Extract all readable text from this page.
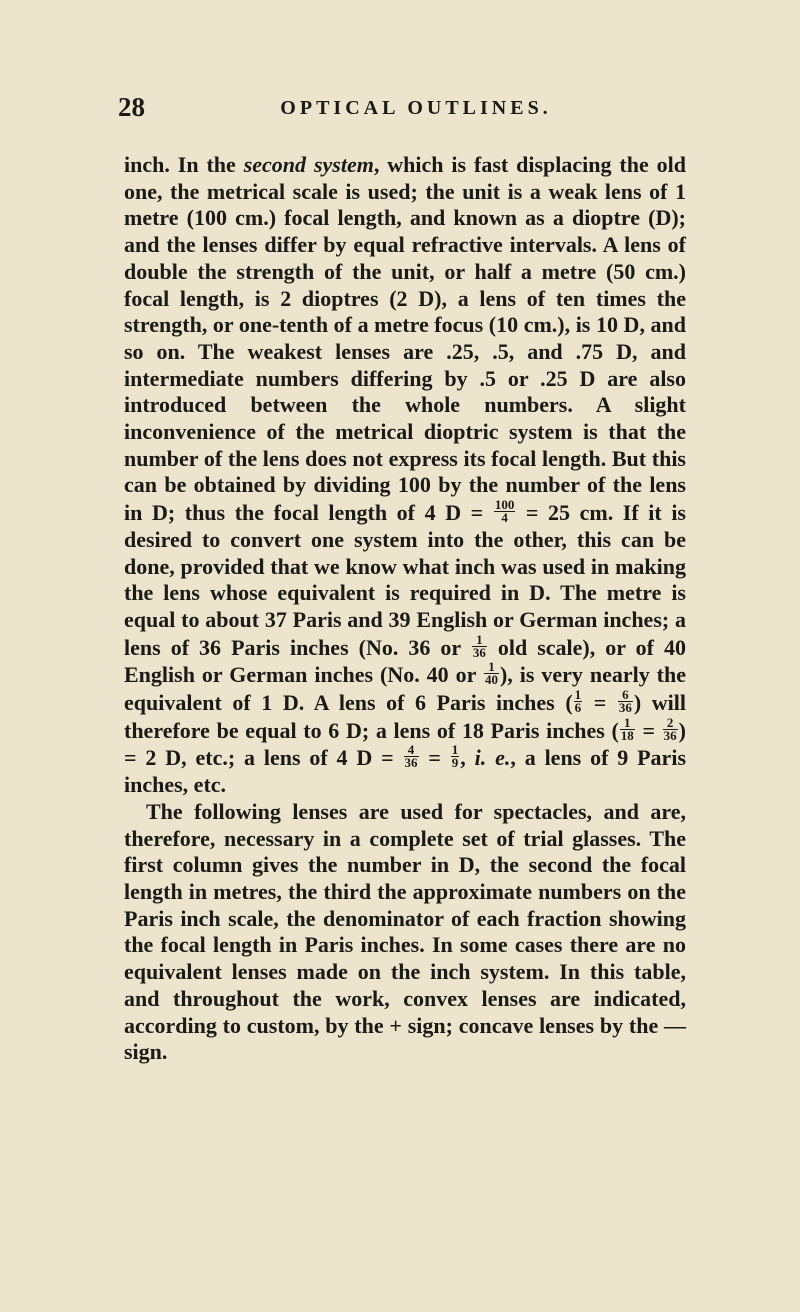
28	OPTICAL OUTLINES.

inch. In the second system, which is fast displacing the old one, the metrical scale is used; the unit is a weak lens of 1 metre (100 cm.) focal length, and known as a dioptre (D); and the lenses differ by equal refractive intervals. A lens of double the strength of the unit, or half a metre (50 cm.) focal length, is 2 dioptres (2 D), a lens of ten times the strength, or one-tenth of a metre focus (10 cm.), is 10 D, and so on. The weakest lenses are .25, .5, and .75 D, and intermediate numbers differing by .5 or .25 D are also introduced between the whole numbers. A slight inconvenience of the metrical dioptric system is that the number of the lens does not express its focal length. But this can be obtained by dividing 100 by the number of the lens in D; thus the focal length of 4 $D = \frac{100}{4} = 25$ cm. If it is desired to convert one system into the other, this can be done, provided that we know what inch was used in making the lens whose equivalent is required in D. The metre is equal to about 37 Paris and 39 English or German inches; a lens of 36 Paris inches (No. 36 or $\frac{1}{36}$ old scale), or of 40 English or German inches (No. 40 or $\frac{1}{40}$ ), is very nearly the equivalent of 1 D. A lens of 6 Paris inches ( $\frac{1}{6} = \frac{6}{36}$ ) will therefore be equal to 6 D; a lens of 18 Paris inches ( $\frac{1}{18} = \frac{2}{36}$ ) = 2 D, etc.; a lens of 4 $D = \frac{4}{36} = \frac{1}{9}$ , i. e., a lens of 9 Paris inches, etc.

The following lenses are used for spectacles, and are, therefore, necessary in a complete set of trial glasses. The first column gives the number in D, the second the focal length in metres, the third the approximate numbers on the Paris inch scale, the denominator of each fraction showing the focal length in Paris inches. In some cases there are no equivalent lenses made on the inch system. In this table, and throughout the work, convex lenses are indicated, according to custom, by the + sign; concave lenses by the — sign.
